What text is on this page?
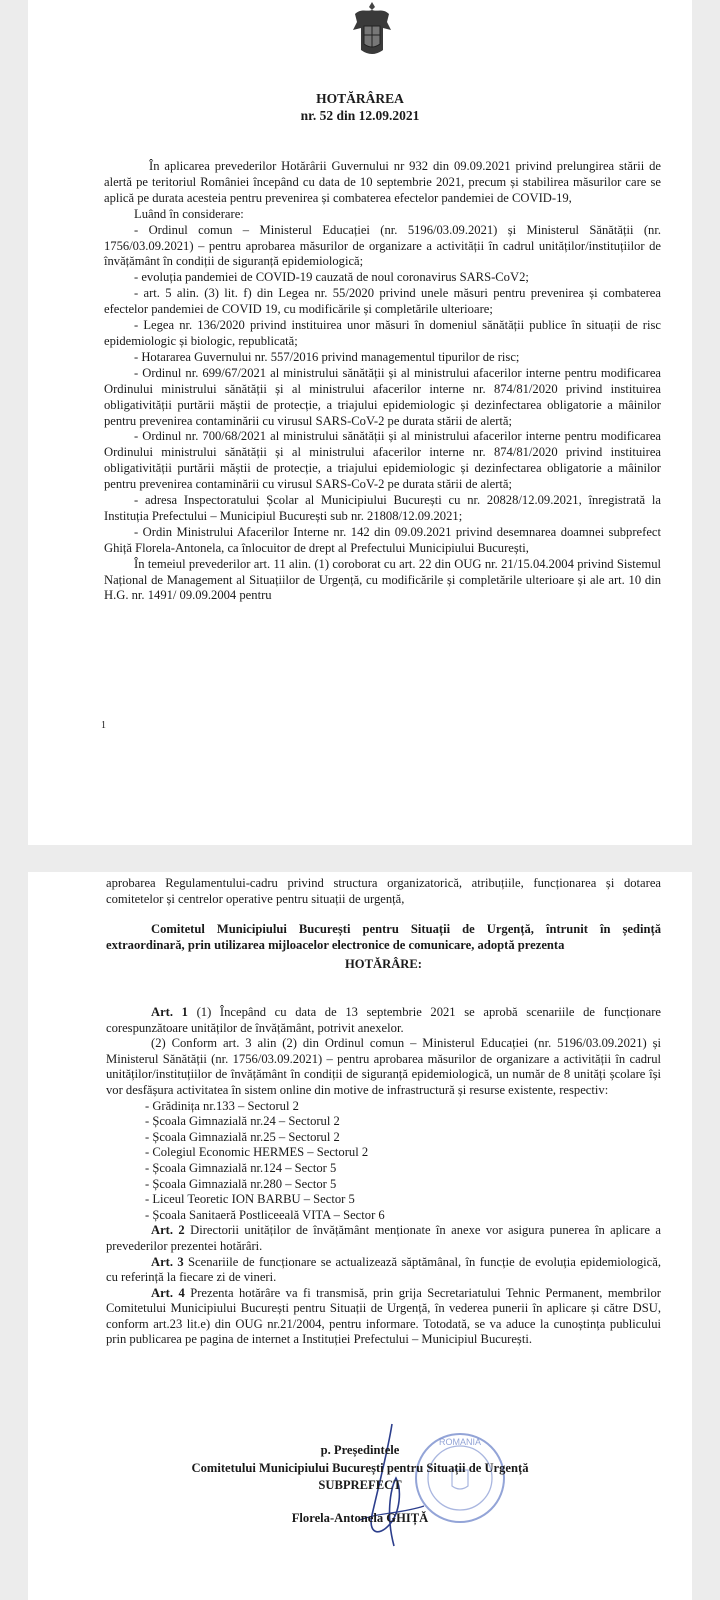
HOTĂRÂREA
nr. 52 din 12.09.2021

În aplicarea prevederilor Hotărârii Guvernului nr 932 din 09.09.2021 privind prelungirea stării de alertă pe teritoriul României începând cu data de 10 septembrie 2021, precum și stabilirea măsurilor care se aplică pe durata acesteia pentru prevenirea și combaterea efectelor pandemiei de COVID-19,

Luând în considerare:

- Ordinul comun – Ministerul Educației (nr. 5196/03.09.2021) și Ministerul Sănătății (nr. 1756/03.09.2021) – pentru aprobarea măsurilor de organizare a activității în cadrul unităților/instituțiilor de învățământ în condiții de siguranță epidemiologică;

- evoluția pandemiei de COVID-19 cauzată de noul coronavirus SARS-CoV2;

- art. 5 alin. (3) lit. f) din Legea nr. 55/2020 privind unele măsuri pentru prevenirea și combaterea efectelor pandemiei de COVID 19, cu modificările și completările ulterioare;

- Legea nr. 136/2020 privind instituirea unor măsuri în domeniul sănătății publice în situații de risc epidemiologic și biologic, republicată;

- Hotararea Guvernului nr. 557/2016 privind managementul tipurilor de risc;

- Ordinul nr. 699/67/2021 al ministrului sănătății și al ministrului afacerilor interne pentru modificarea Ordinului ministrului sănătății și al ministrului afacerilor interne nr. 874/81/2020 privind instituirea obligativității purtării măștii de protecție, a triajului epidemiologic și dezinfectarea obligatorie a mâinilor pentru prevenirea contaminării cu virusul SARS-CoV-2 pe durata stării de alertă;

- Ordinul nr. 700/68/2021 al ministrului sănătății și al ministrului afacerilor interne pentru modificarea Ordinului ministrului sănătății și al ministrului afacerilor interne nr. 874/81/2020 privind instituirea obligativității purtării măștii de protecție, a triajului epidemiologic și dezinfectarea obligatorie a mâinilor pentru prevenirea contaminării cu virusul SARS-CoV-2 pe durata stării de alertă;

- adresa Inspectoratului Școlar al Municipiului București cu nr. 20828/12.09.2021, înregistrată la Instituția Prefectului – Municipiul București sub nr. 21808/12.09.2021;

- Ordin Ministrului Afacerilor Interne nr. 142 din 09.09.2021 privind desemnarea doamnei subprefect Ghiță Florela-Antonela, ca înlocuitor de drept al Prefectului Municipiului București,

În temeiul prevederilor art. 11 alin. (1) coroborat cu art. 22 din OUG nr. 21/15.04.2004 privind Sistemul Național de Management al Situațiilor de Urgență, cu modificările și completările ulterioare și ale art. 10 din H.G. nr. 1491/ 09.09.2004 pentru

1

aprobarea Regulamentului-cadru privind structura organizatorică, atribuțiile, funcționarea și dotarea comitetelor și centrelor operative pentru situații de urgență,

Comitetul Municipiului București pentru Situații de Urgență, întrunit în ședință extraordinară, prin utilizarea mijloacelor electronice de comunicare, adoptă prezenta

HOTĂRÂRE:

Art. 1 (1) Începând cu data de 13 septembrie 2021 se aprobă scenariile de funcționare corespunzătoare unităților de învățământ, potrivit anexelor.

(2) Conform art. 3 alin (2) din Ordinul comun – Ministerul Educației (nr. 5196/03.09.2021) și Ministerul Sănătății (nr. 1756/03.09.2021) – pentru aprobarea măsurilor de organizare a activității în cadrul unităților/instituțiilor de învățământ în condiții de siguranță epidemiologică, un număr de 8 unități școlare își vor desfășura activitatea în sistem online din motive de infrastructură și resurse existente, respectiv:

- Grădinița nr.133 – Sectorul 2

- Școala Gimnazială nr.24 – Sectorul 2

- Școala Gimnazială nr.25 – Sectorul 2

- Colegiul Economic HERMES – Sectorul 2

- Școala Gimnazială nr.124 – Sector 5

- Școala Gimnazială nr.280 – Sector 5

- Liceul Teoretic ION BARBU – Sector 5

- Școala Sanitaeră Postliceeală VITA – Sector 6

Art. 2 Directorii unităților de învățământ menționate în anexe vor asigura punerea în aplicare a prevederilor prezentei hotărâri.

Art. 3 Scenariile de funcționare se actualizează săptămânal, în funcție de evoluția epidemiologică, cu referință la fiecare zi de vineri.

Art. 4 Prezenta hotărâre va fi transmisă, prin grija Secretariatului Tehnic Permanent, membrilor Comitetului Municipiului București pentru Situații de Urgență, în vederea punerii în aplicare și către DSU, conform art.23 lit.e) din OUG nr.21/2004, pentru informare. Totodată, se va aduce la cunoștința publicului prin publicarea pe pagina de internet a Instituției Prefectului – Municipiul București.

ROMANIA
p. Președintele
Comitetului Municipiului București pentru Situații de Urgență
SUBPREFECT
Florela-Antonela GHIȚĂ
